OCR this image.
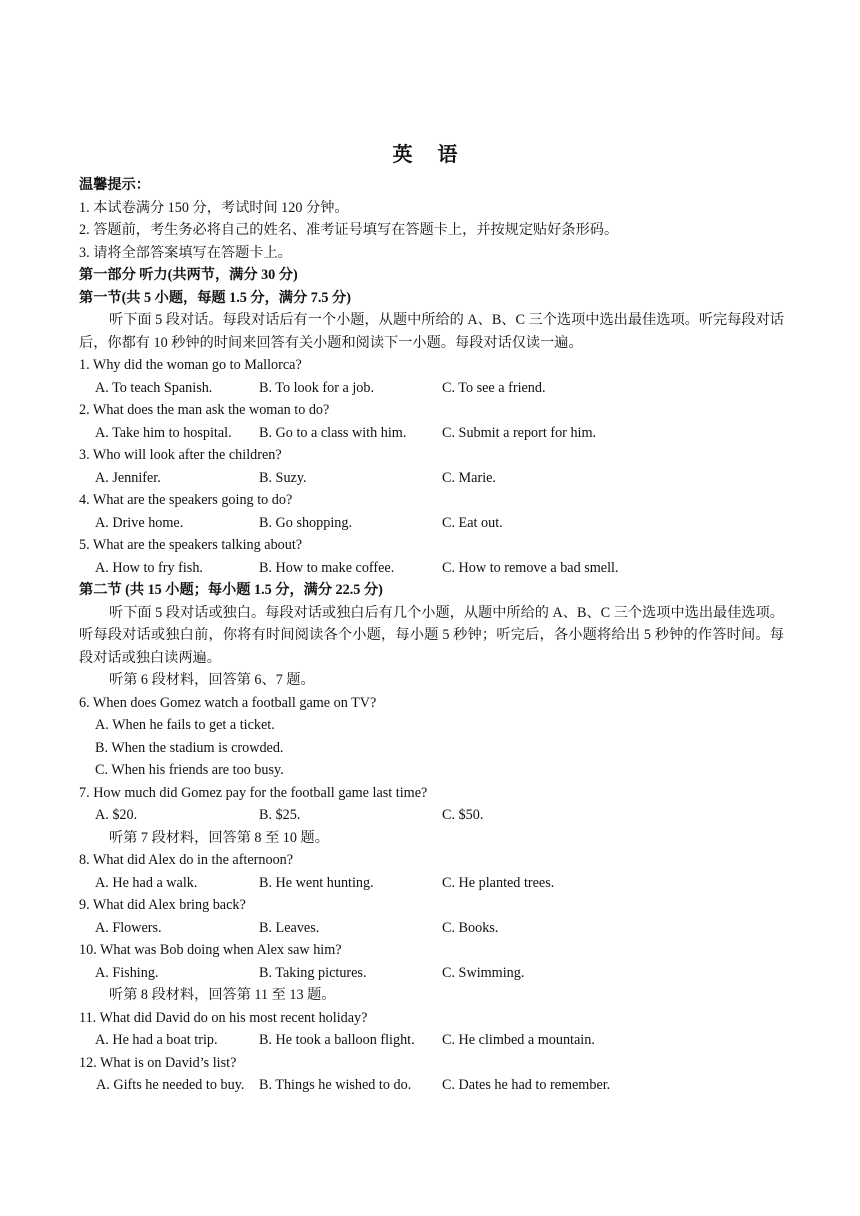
英 语
温馨提示：
1. 本试卷满分 150 分，考试时间 120 分钟。
2. 答题前，考生务必将自己的姓名、准考证号填写在答题卡上，并按规定贴好条形码。
3. 请将全部答案填写在答题卡上。
第一部分 听力(共两节，满分 30 分)
第一节(共 5 小题，每题 1.5 分，满分 7.5 分)
听下面 5 段对话。每段对话后有一个小题，从题中所给的 A、B、C 三个选项中选出最佳选项。听完每段对话后，你都有 10 秒钟的时间来回答有关小题和阅读下一小题。每段对话仅读一遍。
1. Why did the woman go to Mallorca?
A. To teach Spanish.	B. To look for a job.	C. To see a friend.
2. What does the man ask the woman to do?
A. Take him to hospital. B. Go to a class with him.	C. Submit a report for him.
3. Who will look after the children?
A. Jennifer.	B. Suzy.	C. Marie.
4. What are the speakers going to do?
A. Drive home.	B. Go shopping.	C. Eat out.
5. What are the speakers talking about?
A. How to fry fish.	B. How to make coffee.	C. How to remove a bad smell.
第二节 (共 15 小题；每小题 1.5 分，满分 22.5 分)
听下面 5 段对话或独白。每段对话或独白后有几个小题，从题中所给的 A、B、C 三个选项中选出最佳选项。听每段对话或独白前，你将有时间阅读各个小题，每小题 5 秒钟；听完后，各小题将给出 5 秒钟的作答时间。每段对话或独白读两遍。
听第 6 段材料，回答第 6、7 题。
6. When does Gomez watch a football game on TV?
A. When he fails to get a ticket.
B. When the stadium is crowded.
C. When his friends are too busy.
7. How much did Gomez pay for the football game last time?
A. $20.	B. $25.	C. $50.
听第 7 段材料，回答第 8 至 10 题。
8. What did Alex do in the afternoon?
A. He had a walk.	B. He went hunting.	C. He planted trees.
9. What did Alex bring back?
A. Flowers.	B. Leaves.	C. Books.
10. What was Bob doing when Alex saw him?
A. Fishing.	B. Taking pictures.	C. Swimming.
听第 8 段材料，回答第 11 至 13 题。
11. What did David do on his most recent holiday?
A. He had a boat trip.	B. He took a balloon flight. C. He climbed a mountain.
12. What is on David’s list?
A. Gifts he needed to buy. B. Things he wished to do. C. Dates he had to remember.
